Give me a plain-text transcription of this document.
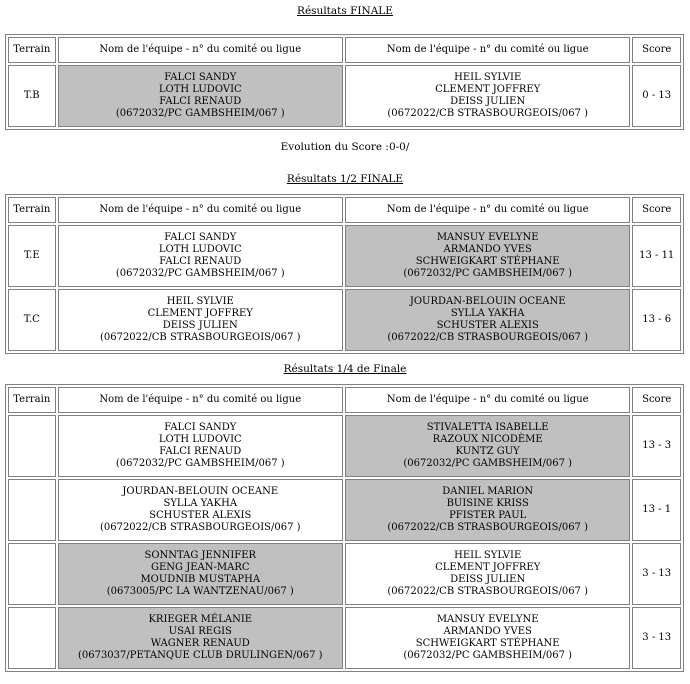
Résultats FINALE
Terrain	Nom de l'équipe - n° du comité ou ligue	Nom de l'équipe - n° du comité ou ligue	Score
T.B	FALCI SANDY
LOTH LUDOVIC
FALCI RENAUD
(0672032/PC GAMBSHEIM/067 )	HEIL SYLVIE
CLEMENT JOFFREY
DEISS JULIEN
(0672022/CB STRASBOURGEOIS/067 )	0 - 13
Evolution du Score :0-0/
Résultats 1/2 FINALE
Terrain	Nom de l'équipe - n° du comité ou ligue	Nom de l'équipe - n° du comité ou ligue	Score
T.E	FALCI SANDY
LOTH LUDOVIC
FALCI RENAUD
(0672032/PC GAMBSHEIM/067 )	MANSUY EVELYNE
ARMANDO YVES
SCHWEIGKART STÉPHANE
(0672032/PC GAMBSHEIM/067 )	13 - 11
T.C	HEIL SYLVIE
CLEMENT JOFFREY
DEISS JULIEN
(0672022/CB STRASBOURGEOIS/067 )	JOURDAN-BELOUIN OCEANE
SYLLA YAKHA
SCHUSTER ALEXIS
(0672022/CB STRASBOURGEOIS/067 )	13 - 6
Résultats 1/4 de Finale
Terrain	Nom de l'équipe - n° du comité ou ligue	Nom de l'équipe - n° du comité ou ligue	Score

	FALCI SANDY
LOTH LUDOVIC
FALCI RENAUD
(0672032/PC GAMBSHEIM/067 )	STIVALETTA ISABELLE
RAZOUX NICODÈME
KUNTZ GUY
(0672032/PC GAMBSHEIM/067 )	13 - 3

	JOURDAN-BELOUIN OCEANE
SYLLA YAKHA
SCHUSTER ALEXIS
(0672022/CB STRASBOURGEOIS/067 )	DANIEL MARION
BUISINE KRISS
PFISTER PAUL
(0672022/CB STRASBOURGEOIS/067 )	13 - 1

	SONNTAG JENNIFER
GENG JEAN-MARC
MOUDNIB MUSTAPHA
(0673005/PC LA WANTZENAU/067 )	HEIL SYLVIE
CLEMENT JOFFREY
DEISS JULIEN
(0672022/CB STRASBOURGEOIS/067 )	3 - 13

	KRIEGER MÉLANIE
USAI REGIS
WAGNER RENAUD
(0673037/PETANQUE CLUB DRULINGEN/067 )	MANSUY EVELYNE
ARMANDO YVES
SCHWEIGKART STÉPHANE
(0672032/PC GAMBSHEIM/067 )	3 - 13
